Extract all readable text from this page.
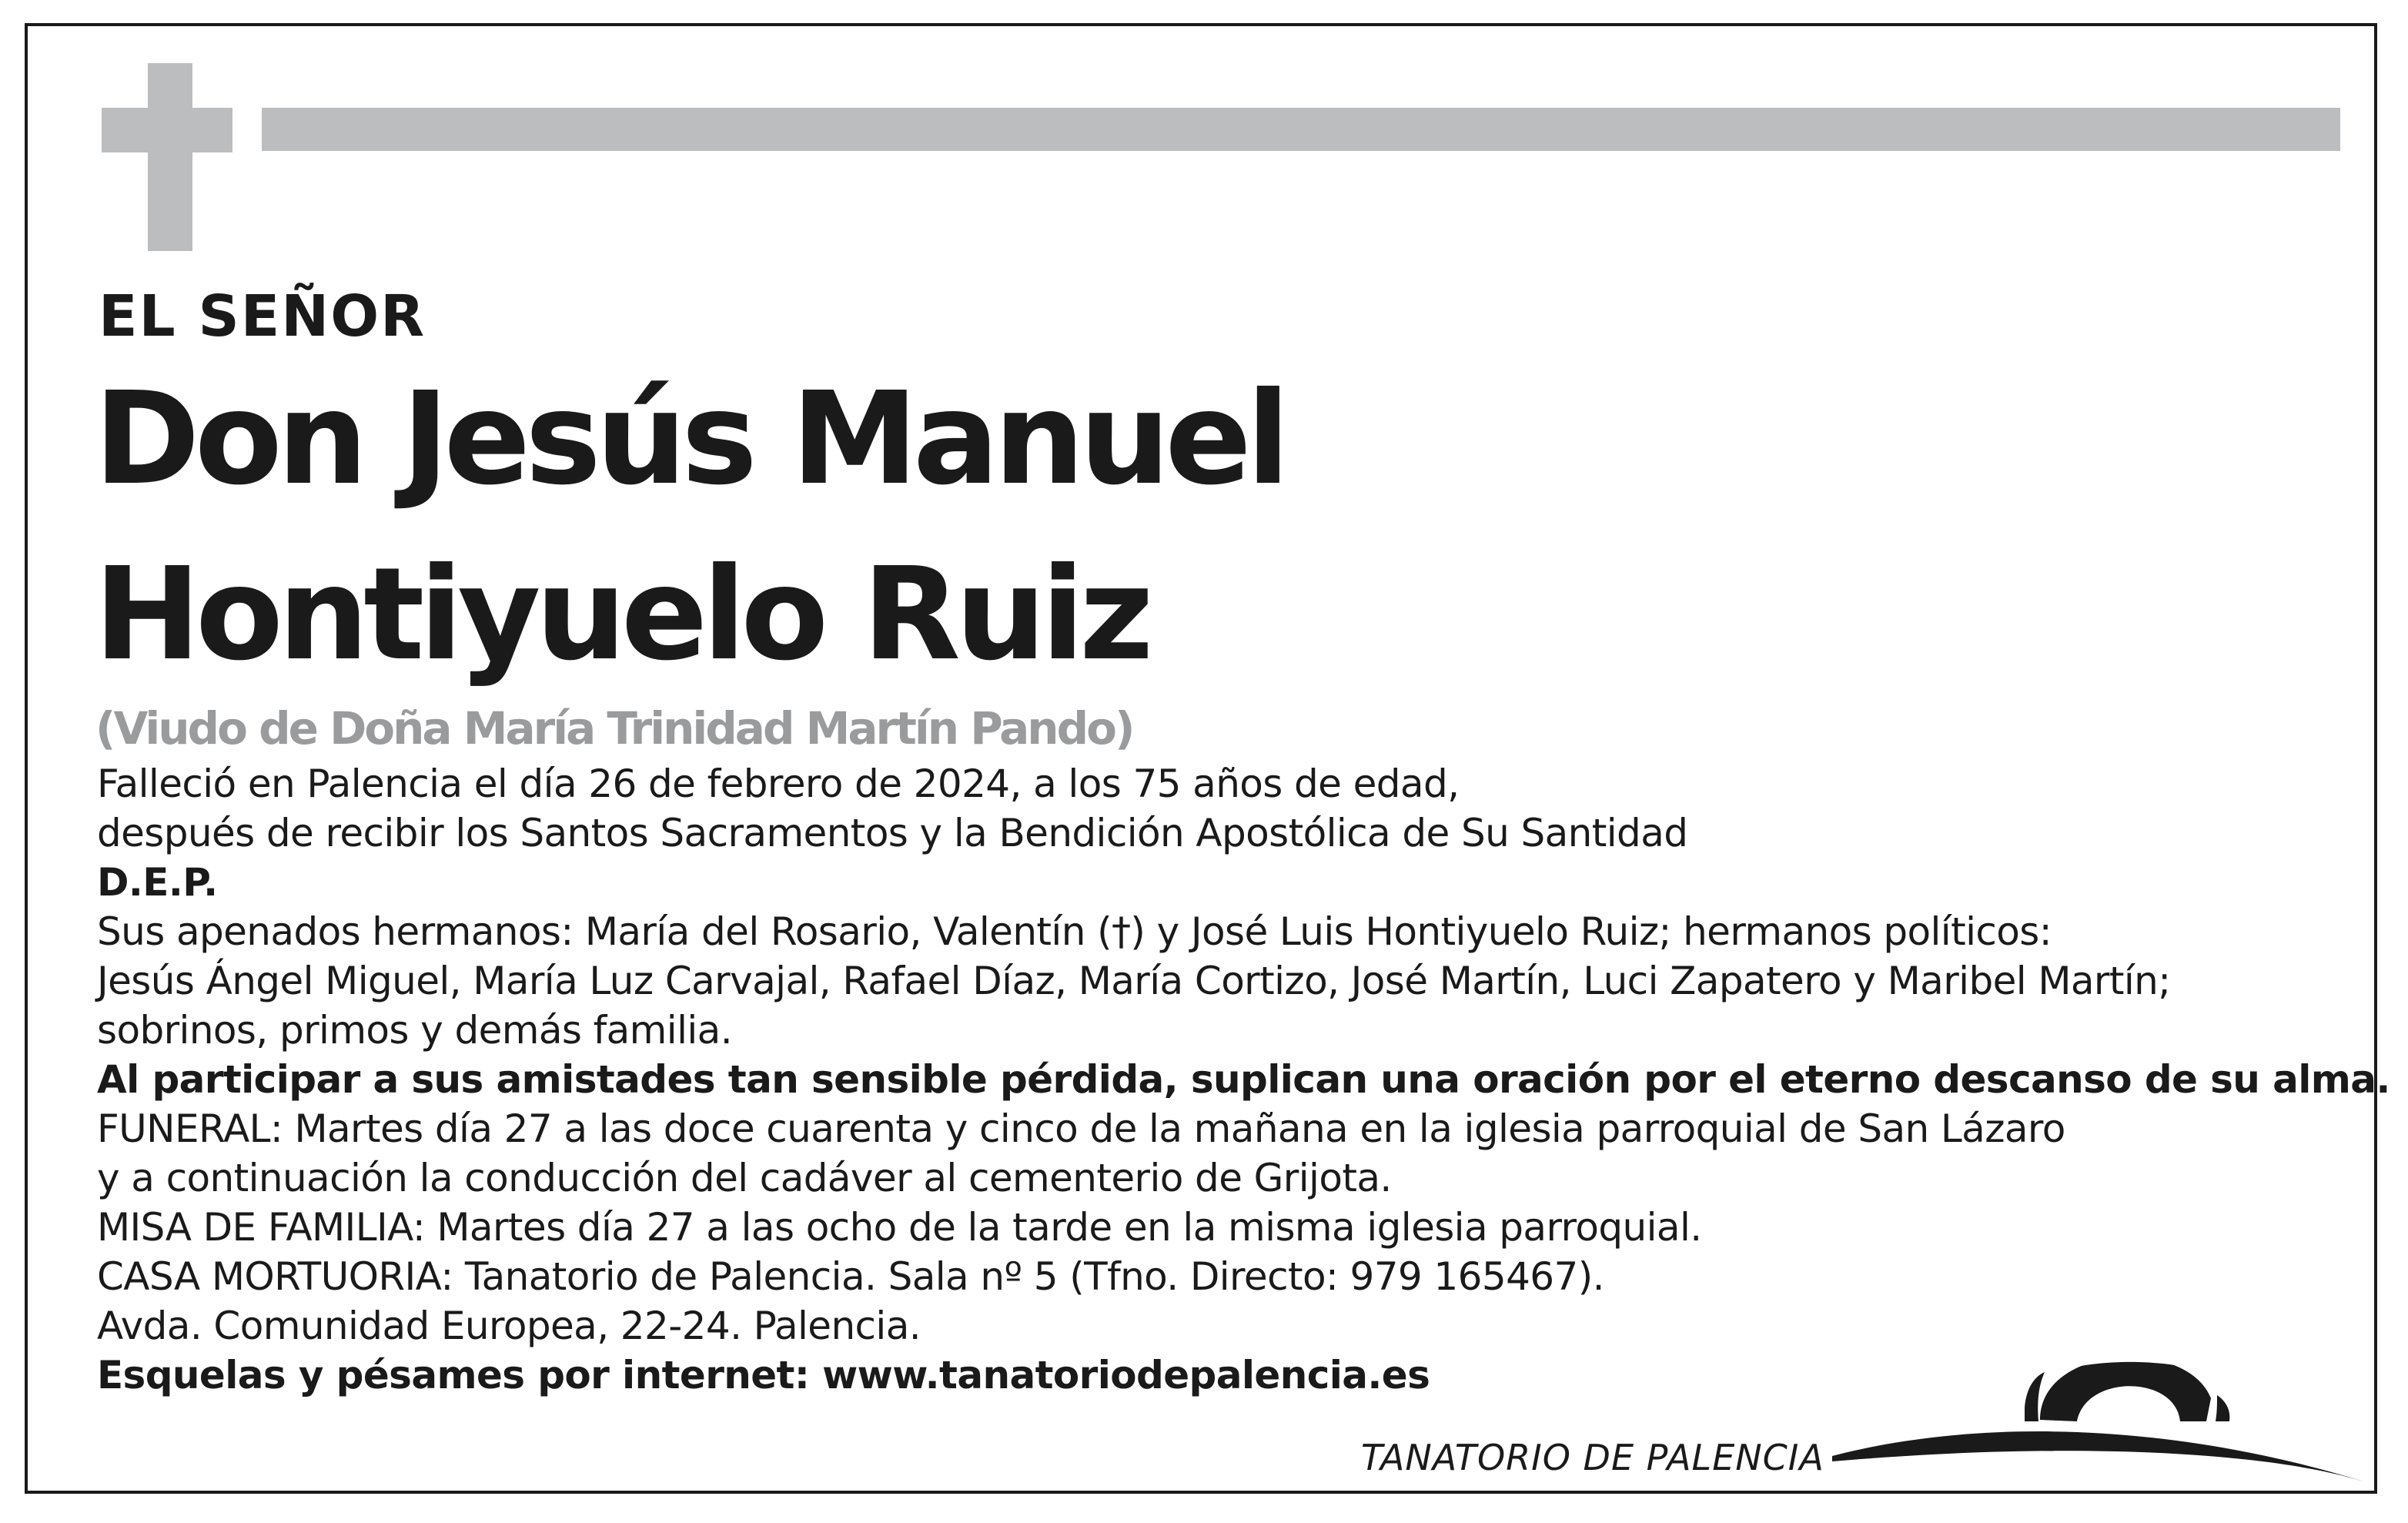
EL SEÑOR
Don Jesús Manuel
Hontiyuelo Ruiz
(Viudo de Doña María Trinidad Martín Pando)
Falleció en Palencia el día 26 de febrero de 2024, a los 75 años de edad,
después de recibir los Santos Sacramentos y la Bendición Apostólica de Su Santidad
D.E.P.
Sus apenados hermanos: María del Rosario, Valentín (†) y José Luis Hontiyuelo Ruiz; hermanos políticos:
Jesús Ángel Miguel, María Luz Carvajal, Rafael Díaz, María Cortizo, José Martín, Luci Zapatero y Maribel Martín;
sobrinos, primos y demás familia.
Al participar a sus amistades tan sensible pérdida, suplican una oración por el eterno descanso de su alma.
FUNERAL: Martes día 27 a las doce cuarenta y cinco de la mañana en la iglesia parroquial de San Lázaro
y a continuación la conducción del cadáver al cementerio de Grijota.
MISA DE FAMILIA: Martes día 27 a las ocho de la tarde en la misma iglesia parroquial.
CASA MORTUORIA: Tanatorio de Palencia. Sala nº 5 (Tfno. Directo: 979 165467).
Avda. Comunidad Europea, 22-24. Palencia.
Esquelas y pésames por internet: www.tanatoriodepalencia.es
TANATORIO DE PALENCIA
